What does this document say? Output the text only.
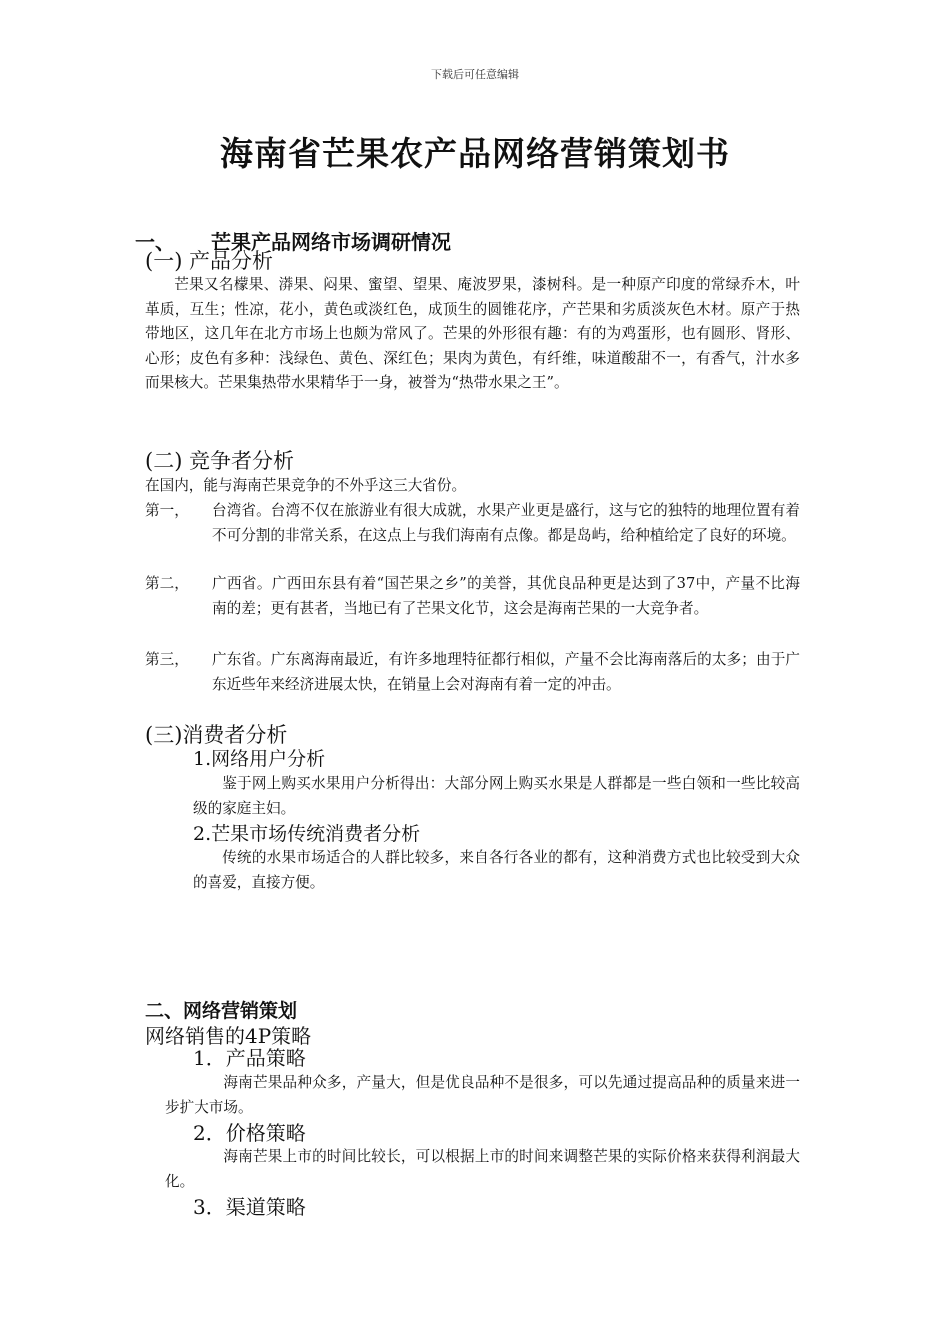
下载后可任意编辑
海南省芒果农产品网络营销策划书
一、 芒果产品网络市场调研情况
(一) 产品分析
芒果又名檬果、漭果、闷果、蜜望、望果、庵波罗果，漆树科。是一种原产印度的常绿乔木，叶革质，互生；性凉，花小，黄色或淡红色，成顶生的圆锥花序，产芒果和劣质淡灰色木材。原产于热带地区，这几年在北方市场上也颇为常风了。芒果的外形很有趣：有的为鸡蛋形，也有圆形、肾形、心形；皮色有多种：浅绿色、黄色、深红色；果肉为黄色，有纤维，味道酸甜不一，有香气，汁水多而果核大。芒果集热带水果精华于一身，被誉为“热带水果之王”。
(二) 竞争者分析
在国内，能与海南芒果竞争的不外乎这三大省份。
第一，	台湾省。台湾不仅在旅游业有很大成就，水果产业更是盛行，这与它的独特的地理位置有着不可分割的非常关系，在这点上与我们海南有点像。都是岛屿，给种植给定了良好的环境。
第二，	广西省。广西田东县有着“国芒果之乡”的美誉，其优良品种更是达到了37中，产量不比海南的差；更有甚者，当地已有了芒果文化节，这会是海南芒果的一大竞争者。
第三，	广东省。广东离海南最近，有许多地理特征都行相似，产量不会比海南落后的太多；由于广东近些年来经济进展太快，在销量上会对海南有着一定的冲击。
(三)消费者分析
1.网络用户分析
鉴于网上购买水果用户分析得出：大部分网上购买水果是人群都是一些白领和一些比较高级的家庭主妇。
2.芒果市场传统消费者分析
传统的水果市场适合的人群比较多，来自各行各业的都有，这种消费方式也比较受到大众的喜爱，直接方便。
二、网络营销策划
网络销售的4P策略
1．产品策略
海南芒果品种众多，产量大，但是优良品种不是很多，可以先通过提高品种的质量来进一步扩大市场。
2．价格策略
海南芒果上市的时间比较长，可以根据上市的时间来调整芒果的实际价格来获得利润最大化。
3．渠道策略
